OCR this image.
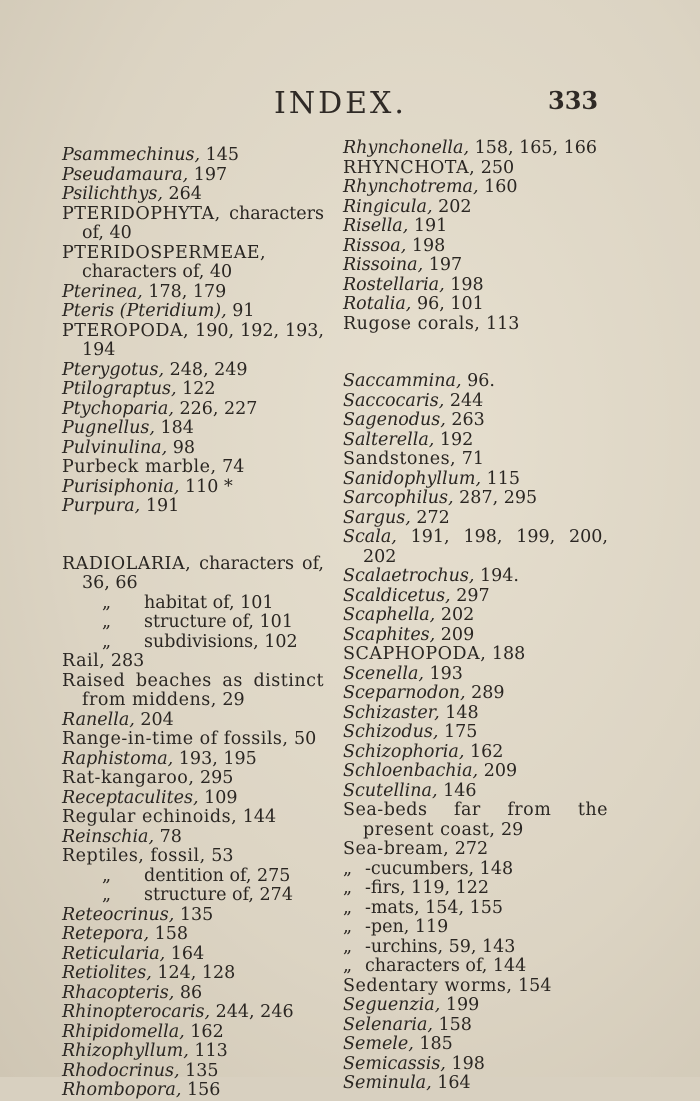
INDEX.	333
Psammechinus, 145
Pseudamaura, 197
Psilichthys, 264
PTERIDOPHYTA, characters of, 40
PTERIDOSPERMEAE, characters of, 40
Pterinea, 178, 179
Pteris (Pteridium), 91
PTEROPODA, 190, 192, 193, 194
Pterygotus, 248, 249
Ptilograptus, 122
Ptychoparia, 226, 227
Pugnellus, 184
Pulvinulina, 98
Purbeck marble, 74
Purisiphonia, 110 *
Purpura, 191
RADIOLARIA, characters of, 36, 66
„ habitat of, 101
„ structure of, 101
„ subdivisions, 102
Rail, 283
Raised beaches as distinct from middens, 29
Ranella, 204
Range-in-time of fossils, 50
Raphistoma, 193, 195
Rat-kangaroo, 295
Receptaculites, 109
Regular echinoids, 144
Reinschia, 78
Reptiles, fossil, 53
„ dentition of, 275
„ structure of, 274
Reteocrinus, 135
Retepora, 158
Reticularia, 164
Retiolites, 124, 128
Rhacopteris, 86
Rhinopterocaris, 244, 246
Rhipidomella, 162
Rhizophyllum, 113
Rhodocrinus, 135
Rhombopora, 156
Rhynchonella, 158, 165, 166
RHYNCHOTA, 250
Rhynchotrema, 160
Ringicula, 202
Risella, 191
Rissoa, 198
Rissoina, 197
Rostellaria, 198
Rotalia, 96, 101
Rugose corals, 113
Saccammina, 96.
Saccocaris, 244
Sagenodus, 263
Salterella, 192
Sandstones, 71
Sanidophyllum, 115
Sarcophilus, 287, 295
Sargus, 272
Scala, 191, 198, 199, 200, 202
Scalaetrochus, 194.
Scaldicetus, 297
Scaphella, 202
Scaphites, 209
SCAPHOPODA, 188
Scenella, 193
Sceparnodon, 289
Schizaster, 148
Schizodus, 175
Schizophoria, 162
Schloenbachia, 209
Scutellina, 146
Sea-beds far from the present coast, 29
Sea-bream, 272
„ -cucumbers, 148
„ -firs, 119, 122
„ -mats, 154, 155
„ -pen, 119
„ -urchins, 59, 143
„ characters of, 144
Sedentary worms, 154
Seguenzia, 199
Selenaria, 158
Semele, 185
Semicassis, 198
Seminula, 164
